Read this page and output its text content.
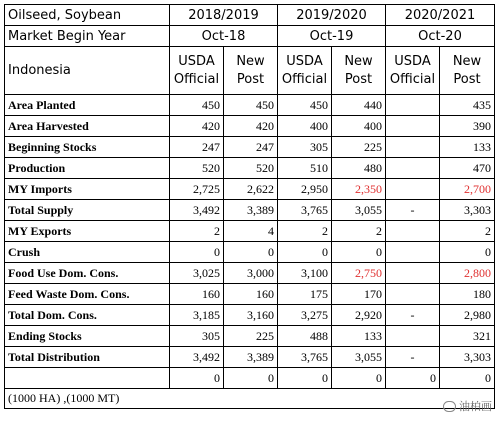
Oilseed, Soybean	2018/2019		2019/2020		2020/2021	
Market Begin Year	Oct-18		Oct-19		Oct-20	
Indonesia	USDA Official	New Post	USDA Official	New Post	USDA Official	New Post
Area Planted	450	450	450	440		435
Area Harvested	420	420	400	400		390
Beginning Stocks	247	247	305	225		133
Production	520	520	510	480		470
MY Imports	2,725	2,622	2,950	2,350		2,700
Total Supply	3,492	3,389	3,765	3,055	-	3,303
MY Exports	2	4	2	2		2
Crush	0	0	0	0		0
Food Use Dom. Cons.	3,025	3,000	3,100	2,750		2,800
Feed Waste Dom. Cons.	160	160	175	170		180
Total Dom. Cons.	3,185	3,160	3,275	2,920	-	2,980
Ending Stocks	305	225	488	133		321
Total Distribution	3,492	3,389	3,765	3,055	-	3,303
	0	0	0	0	0	0
(1000 HA) ,(1000 MT)						
油柏画
